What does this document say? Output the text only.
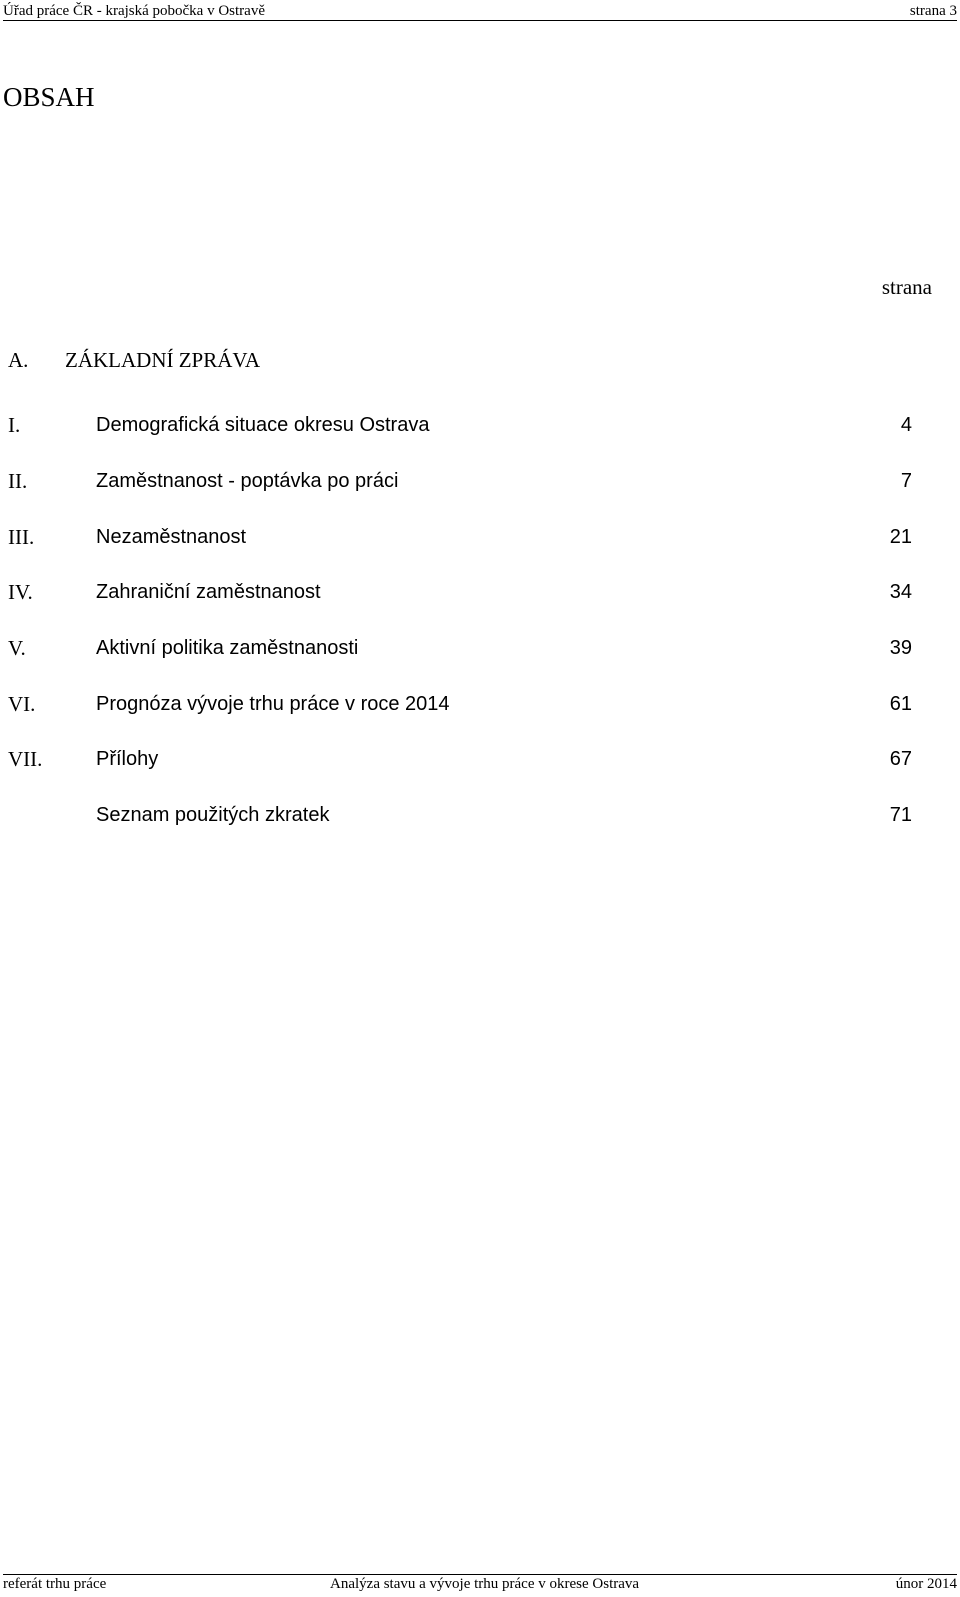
Úřad práce ČR - krajská pobočka v Ostravě	strana 3
OBSAH
strana
A. ZÁKLADNÍ ZPRÁVA
I.	Demografická situace okresu Ostrava	4
II.	Zaměstnanost - poptávka po práci	7
III.	Nezaměstnanost	21
IV.	Zahraniční zaměstnanost	34
V.	Aktivní politika zaměstnanosti	39
VI.	Prognóza vývoje trhu práce v roce 2014	61
VII.	Přílohy	67
Seznam použitých zkratek	71
referát trhu práce	Analýza stavu a vývoje trhu práce v okrese Ostrava	únor 2014
